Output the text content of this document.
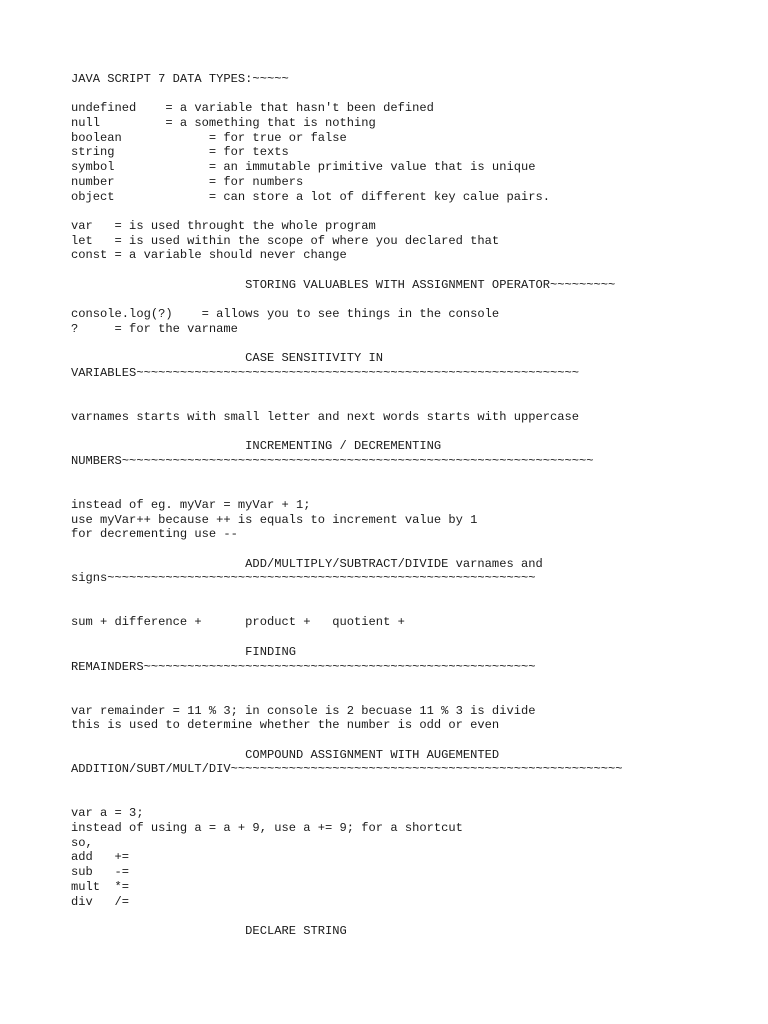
JAVA SCRIPT 7 DATA TYPES:~~~~~
undefined    = a variable that hasn't been defined
null         = a something that is nothing
boolean            = for true or false
string             = for texts
symbol             = an immutable primitive value that is unique
number             = for numbers
object             = can store a lot of different key calue pairs.
var   = is used throught the whole program
let   = is used within the scope of where you declared that
const = a variable should never change
STORING VALUABLES WITH ASSIGNMENT OPERATOR~~~~~~~~~
console.log(?)    = allows you to see things in the console
?     = for the varname
CASE SENSITIVITY IN
VARIABLES~~~~~~~~~~~~~~~~~~~~~~~~~~~~~~~~~~~~~~~~~~~~~~~~~~~~~~~~~~~~~
varnames starts with small letter and next words starts with uppercase
INCREMENTING / DECREMENTING
NUMBERS~~~~~~~~~~~~~~~~~~~~~~~~~~~~~~~~~~~~~~~~~~~~~~~~~~~~~~~~~~~~~~~~~
instead of eg. myVar = myVar + 1;
use myVar++ because ++ is equals to increment value by 1
for decrementing use --
ADD/MULTIPLY/SUBTRACT/DIVIDE varnames and
signs~~~~~~~~~~~~~~~~~~~~~~~~~~~~~~~~~~~~~~~~~~~~~~~~~~~~~~~~~~~
sum + difference +      product +   quotient +
FINDING
REMAINDERS~~~~~~~~~~~~~~~~~~~~~~~~~~~~~~~~~~~~~~~~~~~~~~~~~~~~~~
var remainder = 11 % 3; in console is 2 becuase 11 % 3 is divide
this is used to determine whether the number is odd or even
COMPOUND ASSIGNMENT WITH AUGEMENTED
ADDITION/SUBT/MULT/DIV~~~~~~~~~~~~~~~~~~~~~~~~~~~~~~~~~~~~~~~~~~~~~~~~~~~~~~
var a = 3;
instead of using a = a + 9, use a += 9; for a shortcut
so,
add   +=
sub   -=
mult  *=
div   /=
DECLARE STRING
